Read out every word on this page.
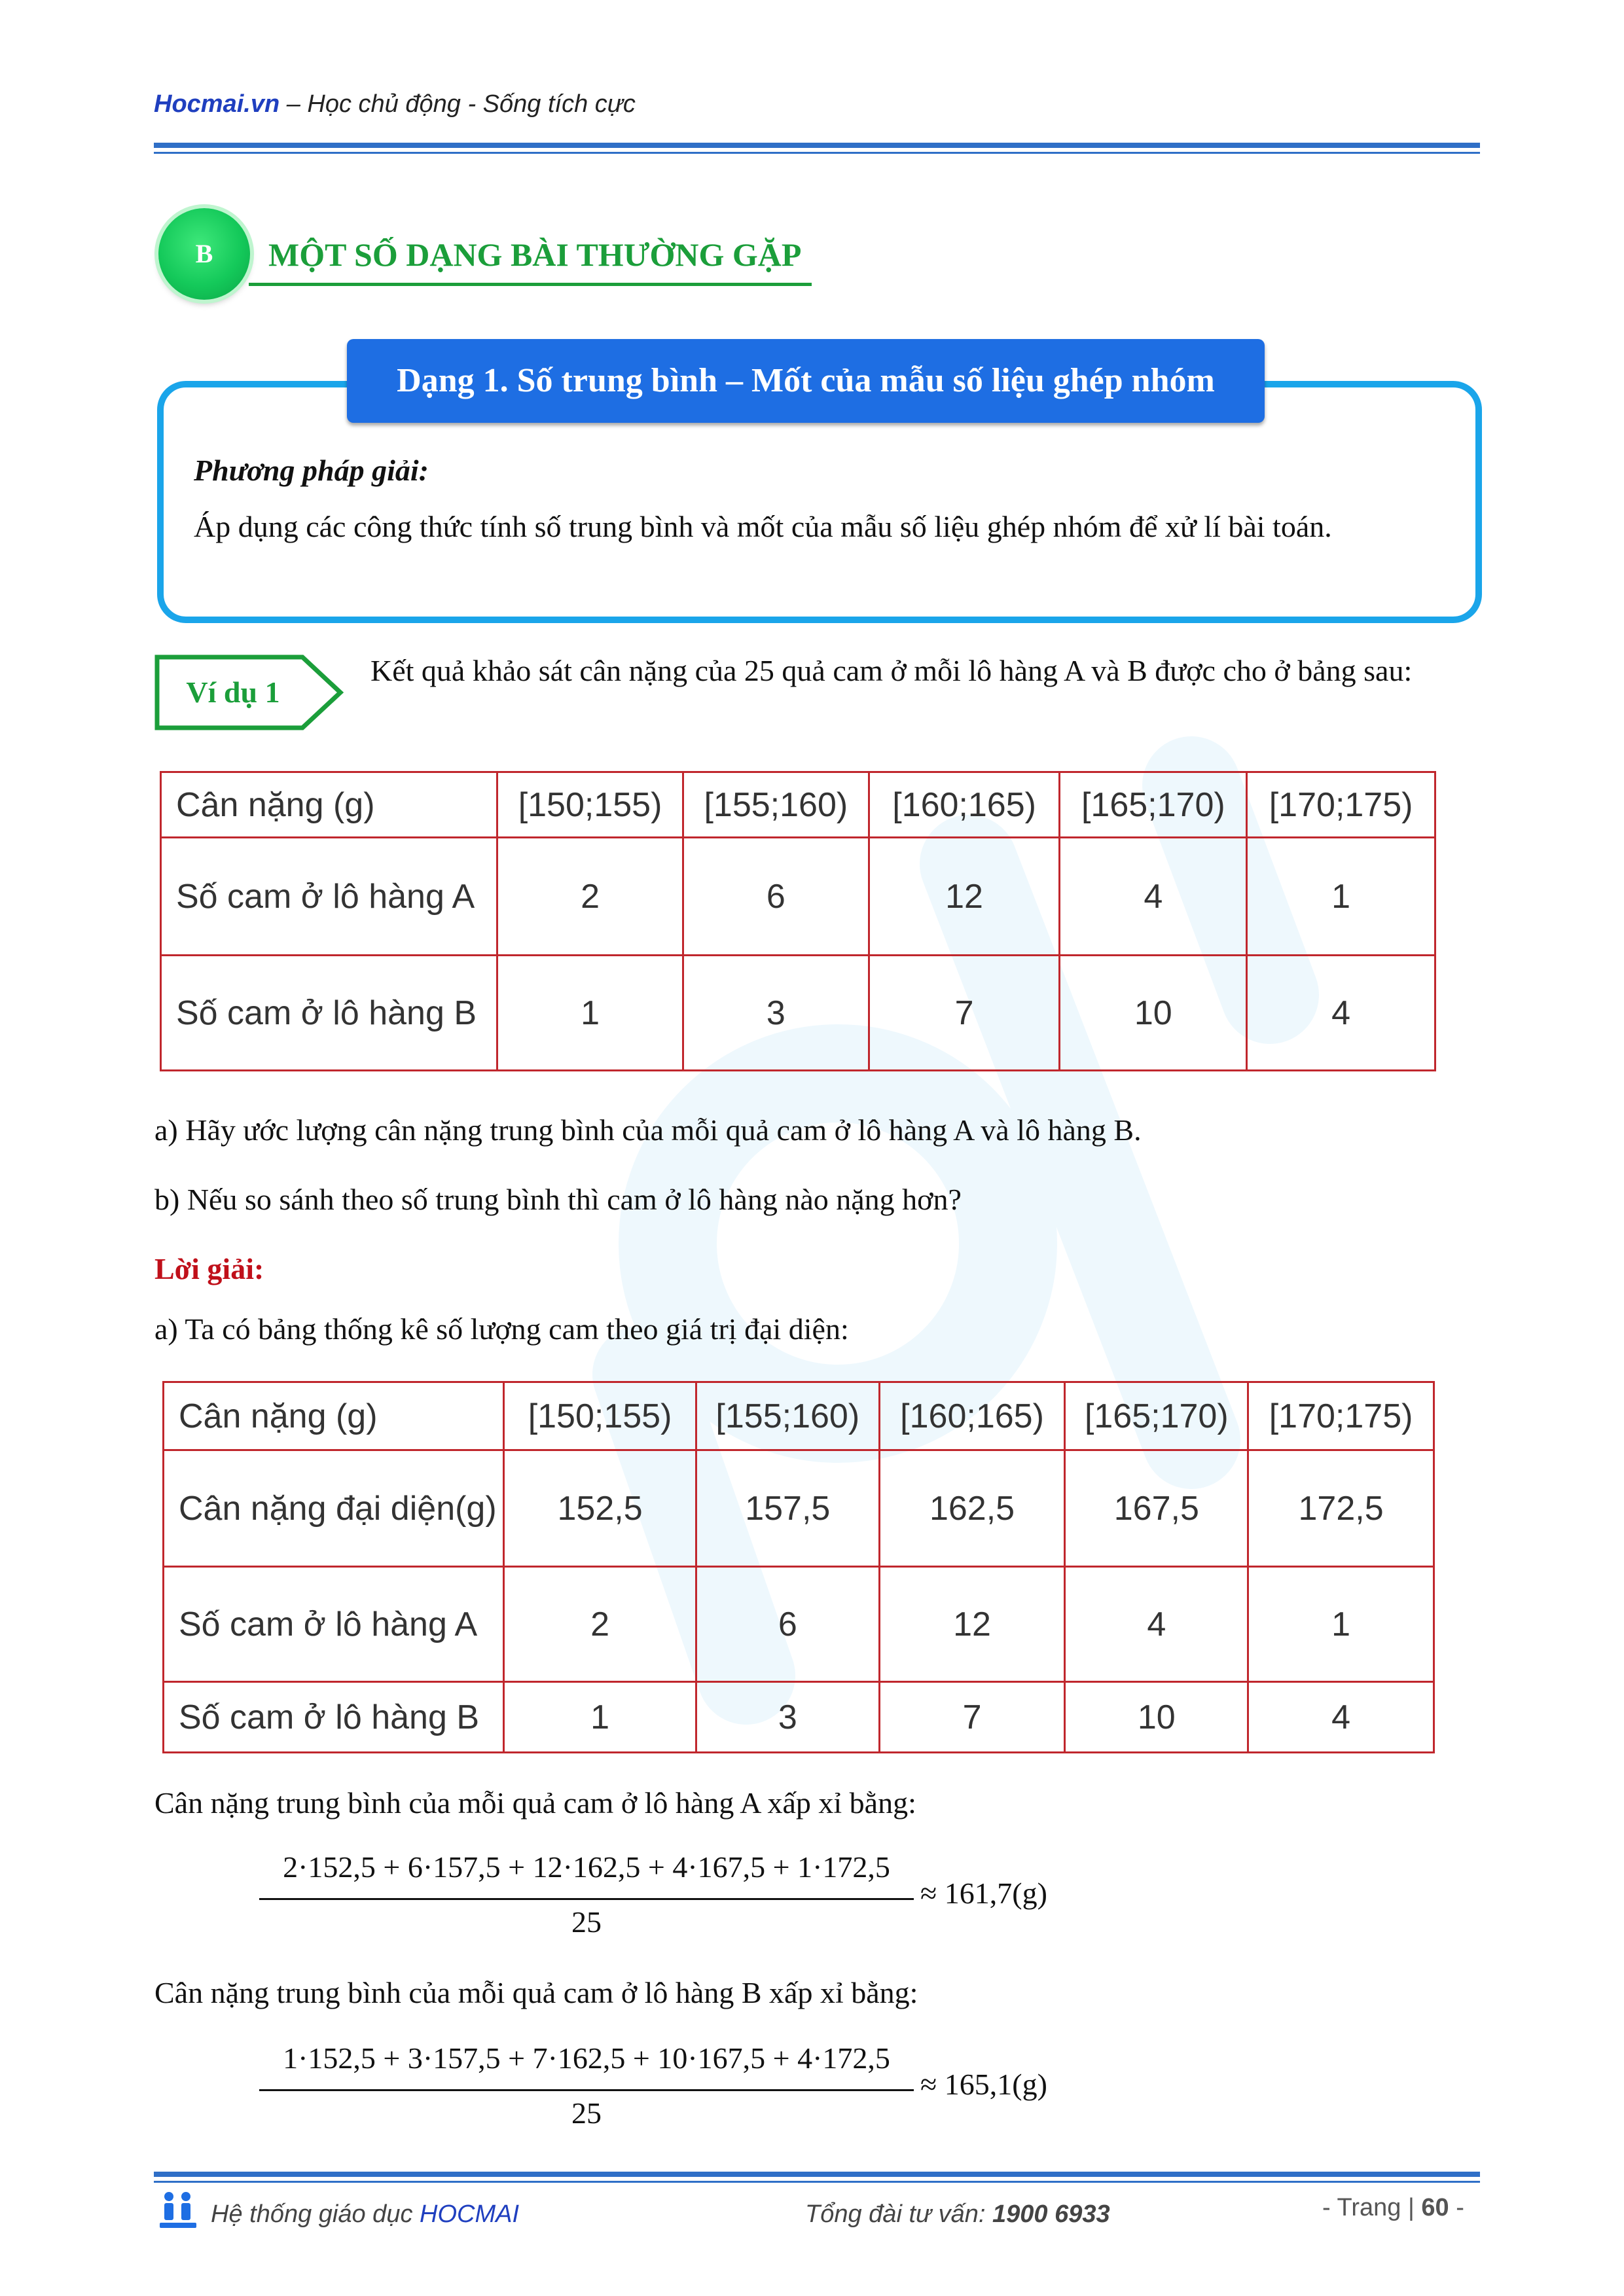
Hocmai.vn – Học chủ động - Sống tích cực
B	MỘT SỐ DẠNG BÀI THƯỜNG GẶP
Dạng 1. Số trung bình – Mốt của mẫu số liệu ghép nhóm
Phương pháp giải:
Áp dụng các công thức tính số trung bình và mốt của mẫu số liệu ghép nhóm để xử lí bài toán.
Ví dụ 1
Kết quả khảo sát cân nặng của 25 quả cam ở mỗi lô hàng A và B được cho ở bảng sau:
Cân nặng (g)	[150;155)	[155;160)	[160;165)	[165;170)	[170;175)
Số cam ở lô hàng A	2	6	12	4	1
Số cam ở lô hàng B	1	3	7	10	4
a) Hãy ước lượng cân nặng trung bình của mỗi quả cam ở lô hàng A và lô hàng B.
b) Nếu so sánh theo số trung bình thì cam ở lô hàng nào nặng hơn?
Lời giải:
a) Ta có bảng thống kê số lượng cam theo giá trị đại diện:
Cân nặng (g)	[150;155)	[155;160)	[160;165)	[165;170)	[170;175)
Cân nặng đại diện(g)	152,5	157,5	162,5	167,5	172,5
Số cam ở lô hàng A	2	6	12	4	1
Số cam ở lô hàng B	1	3	7	10	4
Cân nặng trung bình của mỗi quả cam ở lô hàng A xấp xỉ bằng:
2·152,5 + 6·157,5 + 12·162,5 + 4·167,5 + 1·172,5
25
≈ 161,7(g)
Cân nặng trung bình của mỗi quả cam ở lô hàng B xấp xỉ bằng:
1·152,5 + 3·157,5 + 7·162,5 + 10·167,5 + 4·172,5
25
≈ 165,1(g)
Hệ thống giáo dục HOCMAI	Tổng đài tư vấn: 1900 6933	- Trang | 60 -
